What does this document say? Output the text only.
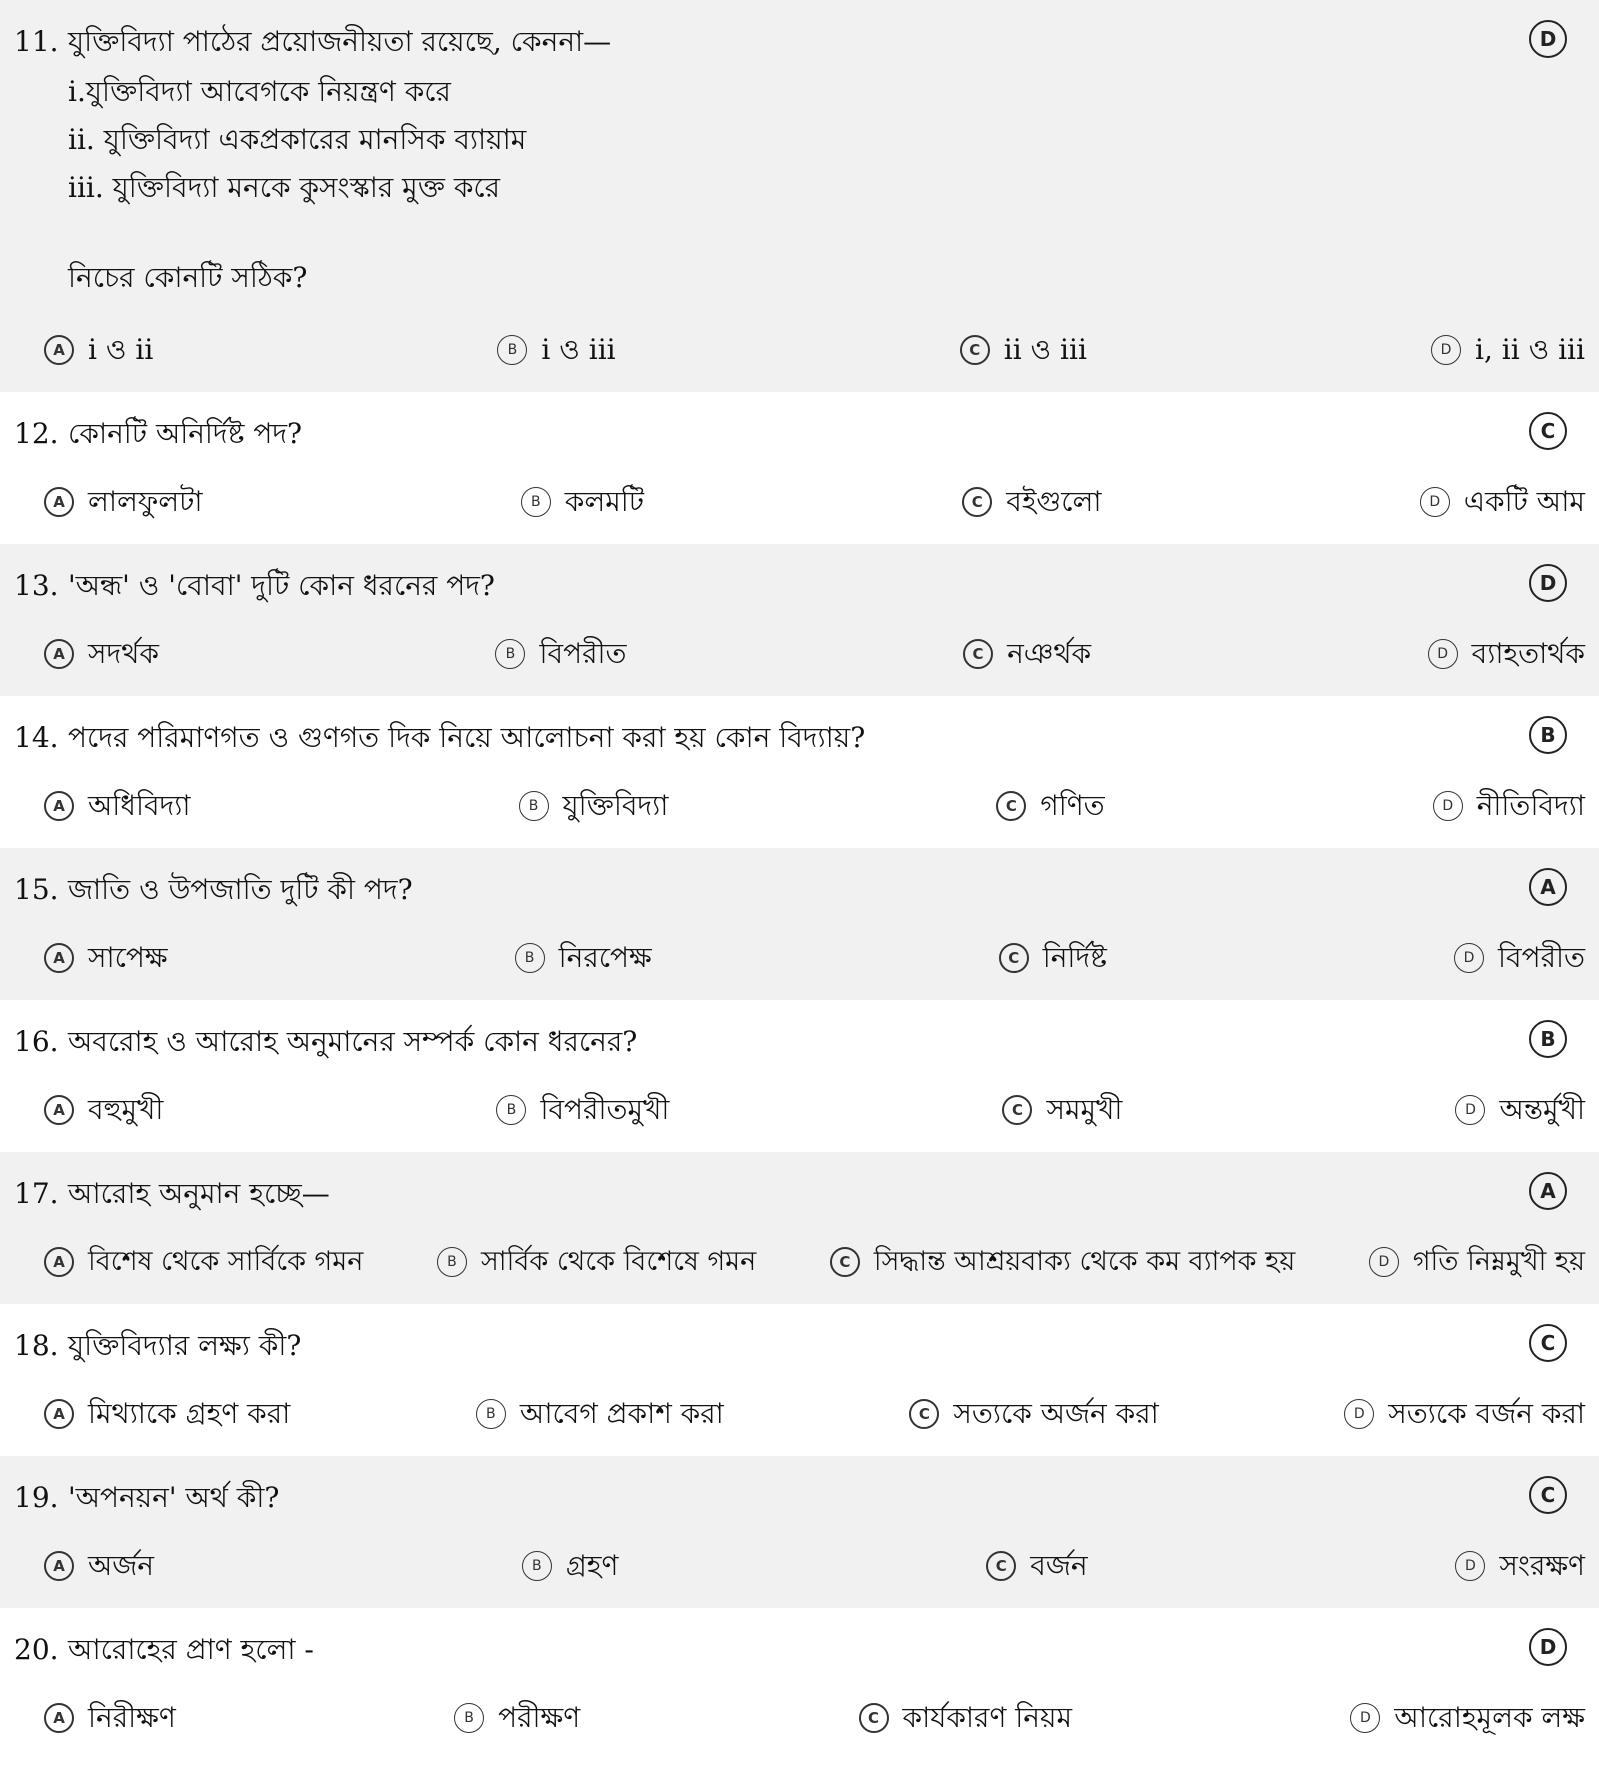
11. যুক্তিবিদ্যা পাঠের প্রয়োজনীয়তা রয়েছে, কেননা—
i.যুক্তিবিদ্যা আবেগকে নিয়ন্ত্রণ করে
ii. যুক্তিবিদ্যা একপ্রকারের মানসিক ব্যায়াম
iii. যুক্তিবিদ্যা মনকে কুসংস্কার মুক্ত করে
নিচের কোনটি সঠিক?
D
A i ও ii	B i ও iii	C ii ও iii	D i, ii ও iii
12. কোনটি অনির্দিষ্ট পদ?	C
A লালফুলটা	B কলমটি	C বইগুলো	D একটি আম
13. 'অন্ধ' ও 'বোবা' দুটি কোন ধরনের পদ?	D
A সদর্থক	B বিপরীত	C নঞর্থক	D ব্যাহতার্থক
14. পদের পরিমাণগত ও গুণগত দিক নিয়ে আলোচনা করা হয় কোন বিদ্যায়?	B
A অধিবিদ্যা	B যুক্তিবিদ্যা	C গণিত	D নীতিবিদ্যা
15. জাতি ও উপজাতি দুটি কী পদ?	A
A সাপেক্ষ	B নিরপেক্ষ	C নির্দিষ্ট	D বিপরীত
16. অবরোহ ও আরোহ অনুমানের সম্পর্ক কোন ধরনের?	B
A বহুমুখী	B বিপরীতমুখী	C সমমুখী	D অন্তর্মুখী
17. আরোহ অনুমান হচ্ছে—	A
A বিশেষ থেকে সার্বিকে গমন	B সার্বিক থেকে বিশেষে গমন	C সিদ্ধান্ত আশ্রয়বাক্য থেকে কম ব্যাপক হয়	D গতি নিম্নমুখী হয়
18. যুক্তিবিদ্যার লক্ষ্য কী?	C
A মিথ্যাকে গ্রহণ করা	B আবেগ প্রকাশ করা	C সত্যকে অর্জন করা	D সত্যকে বর্জন করা
19. 'অপনয়ন' অর্থ কী?	C
A অর্জন	B গ্রহণ	C বর্জন	D সংরক্ষণ
20. আরোহের প্রাণ হলো -	D
A নিরীক্ষণ	B পরীক্ষণ	C কার্যকারণ নিয়ম	D আরোহমূলক লক্ষ
